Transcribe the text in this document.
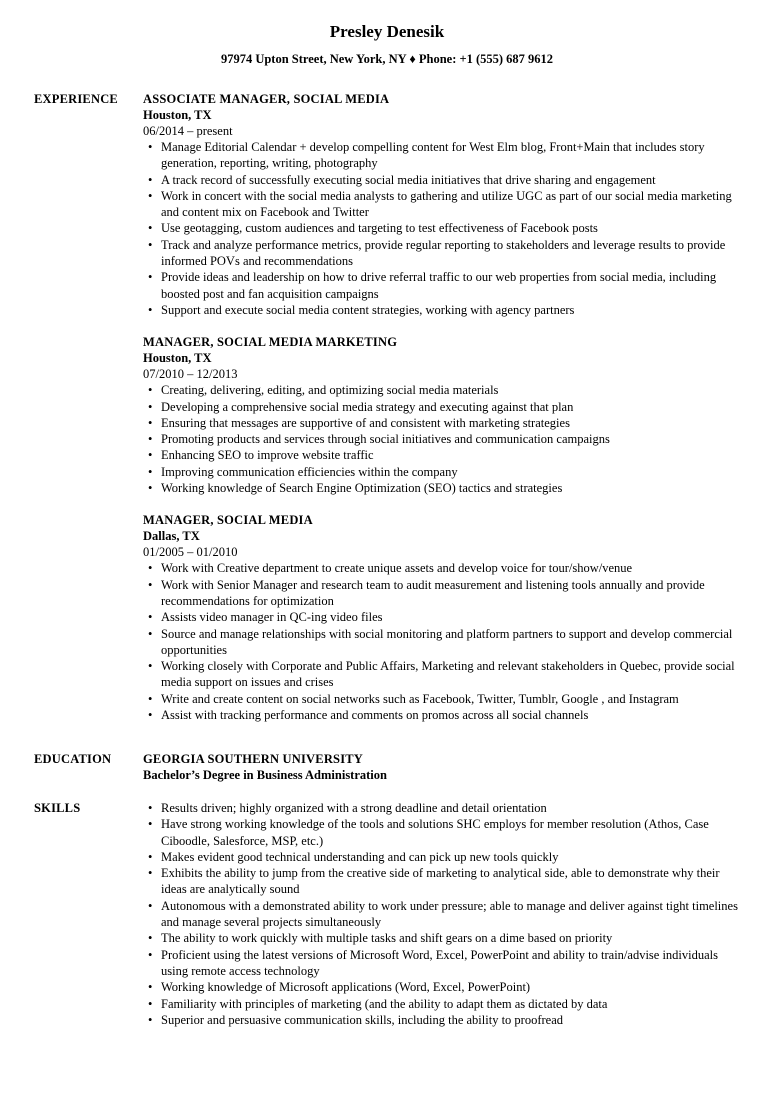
Presley Denesik
97974 Upton Street, New York, NY ♦ Phone: +1 (555) 687 9612
EXPERIENCE ASSOCIATE MANAGER, SOCIAL MEDIA
Houston, TX
06/2014 – present
• Manage Editorial Calendar + develop compelling content for West Elm blog, Front+Main that includes story generation, reporting, writing, photography
• A track record of successfully executing social media initiatives that drive sharing and engagement
• Work in concert with the social media analysts to gathering and utilize UGC as part of our social media marketing and content mix on Facebook and Twitter
• Use geotagging, custom audiences and targeting to test effectiveness of Facebook posts
• Track and analyze performance metrics, provide regular reporting to stakeholders and leverage results to provide informed POVs and recommendations
• Provide ideas and leadership on how to drive referral traffic to our web properties from social media, including boosted post and fan acquisition campaigns
• Support and execute social media content strategies, working with agency partners
MANAGER, SOCIAL MEDIA MARKETING
Houston, TX
07/2010 – 12/2013
• Creating, delivering, editing, and optimizing social media materials
• Developing a comprehensive social media strategy and executing against that plan
• Ensuring that messages are supportive of and consistent with marketing strategies
• Promoting products and services through social initiatives and communication campaigns
• Enhancing SEO to improve website traffic
• Improving communication efficiencies within the company
• Working knowledge of Search Engine Optimization (SEO) tactics and strategies
MANAGER, SOCIAL MEDIA
Dallas, TX
01/2005 – 01/2010
• Work with Creative department to create unique assets and develop voice for tour/show/venue
• Work with Senior Manager and research team to audit measurement and listening tools annually and provide recommendations for optimization
• Assists video manager in QC-ing video files
• Source and manage relationships with social monitoring and platform partners to support and develop commercial opportunities
• Working closely with Corporate and Public Affairs, Marketing and relevant stakeholders in Quebec, provide social media support on issues and crises
• Write and create content on social networks such as Facebook, Twitter, Tumblr, Google , and Instagram
• Assist with tracking performance and comments on promos across all social channels
EDUCATION	GEORGIA SOUTHERN UNIVERSITY
Bachelor’s Degree in Business Administration
SKILLS
•	Results driven; highly organized with a strong deadline and detail orientation
• Have strong working knowledge of the tools and solutions SHC employs for member resolution (Athos, Case Ciboodle, Salesforce, MSP, etc.)
• Makes evident good technical understanding and can pick up new tools quickly
• Exhibits the ability to jump from the creative side of marketing to analytical side, able to demonstrate why their ideas are analytically sound
• Autonomous with a demonstrated ability to work under pressure; able to manage and deliver against tight timelines and manage several projects simultaneously
• The ability to work quickly with multiple tasks and shift gears on a dime based on priority
• Proficient using the latest versions of Microsoft Word, Excel, PowerPoint and ability to train/advise individuals using remote access technology
• Working knowledge of Microsoft applications (Word, Excel, PowerPoint)
• Familiarity with principles of marketing (and the ability to adapt them as dictated by data
• Superior and persuasive communication skills, including the ability to proofread
